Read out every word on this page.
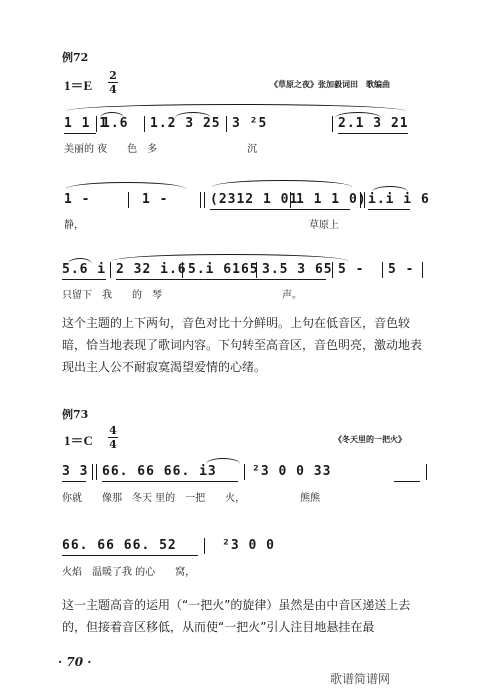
例72
1＝E
2
4	《草原之夜》张加毅词田　歌编曲
1 1 1
1.6 1.2 3 25 3 ²5	2.1 3 21
美丽的 夜　　色　多　　　　　　　　　沉
1 -	1 -	(2312 1 01
1 1 1 0) i.i i 6
静，　　　　　　　　　　　　　　　　　　　　　　　草原上
5.6 i 2 32 i.6 5.i 6165 3.5 3 65 5 - 5 -
只留下　我　　的　琴　　　　　　　　　　　　声。
这个主题的上下两句，音色对比十分鲜明。上句在低音区，音色较暗，恰当地表现了歌词内容。下句转至高音区，音色明亮，激动地表现出主人公不耐寂寞渴望爱情的心绪。
例73
1＝C
4
4	《冬天里的一把火》
3 3 66. 66 66. i3	²3 0 0 33
你就　　像那　冬天 里的　一把　　火，　　　　　　熊熊
66. 66 66. 52	²3 0 0
火焰　温暖了我 的心　　窝，
这一主题高音的运用（“一把火”的旋律）虽然是由中音区递送上去的，但接着音区移低，从而使“一把火”引人注目地悬挂在最
· 70 ·
歌谱简谱网
